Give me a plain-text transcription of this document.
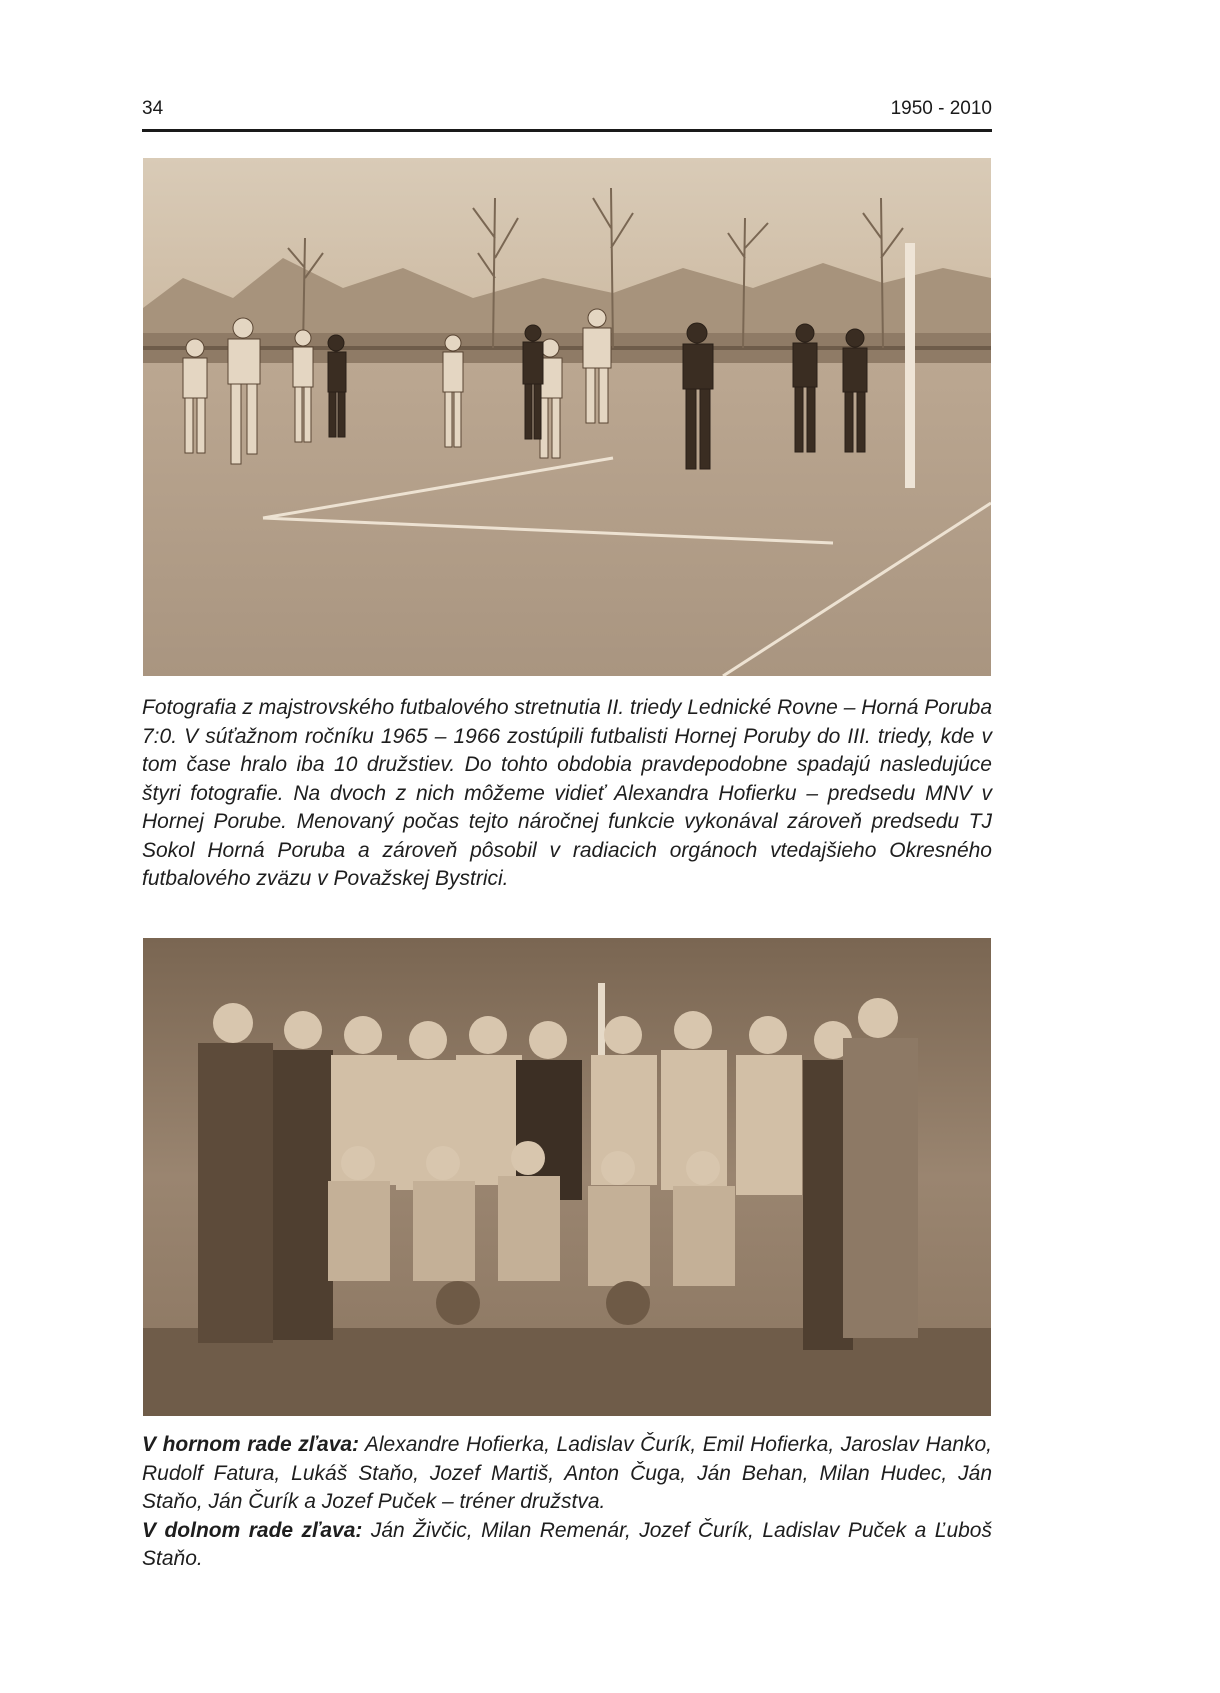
34	1950 - 2010

Fotografia z majstrovského futbalového stretnutia II. triedy Lednické Rovne – Horná Poruba 7:0. V súťažnom ročníku 1965 – 1966 zostúpili futbalisti Hornej Poruby do III. triedy, kde v tom čase hralo iba 10 družstiev. Do tohto obdobia pravdepodobne spadajú nasledujúce štyri fotografie. Na dvoch z nich môžeme vidieť Alexandra Hofierku – predsedu MNV v Hornej Porube. Menovaný počas tejto náročnej funkcie vykonával zároveň predsedu TJ Sokol Horná Poruba a zároveň pôsobil v radiacich orgánoch vtedajšieho Okresného futbalového zväzu v Považskej Bystrici.

V hornom rade zľava: Alexandre Hofierka, Ladislav Čurík, Emil Hofierka, Jaroslav Hanko, Rudolf Fatura, Lukáš Staňo, Jozef Martiš, Anton Čuga, Ján Behan, Milan Hudec, Ján Staňo, Ján Čurík a Jozef Puček – tréner družstva.

V dolnom rade zľava: Ján Živčic, Milan Remenár, Jozef Čurík, Ladislav Puček a Ľuboš Staňo.
